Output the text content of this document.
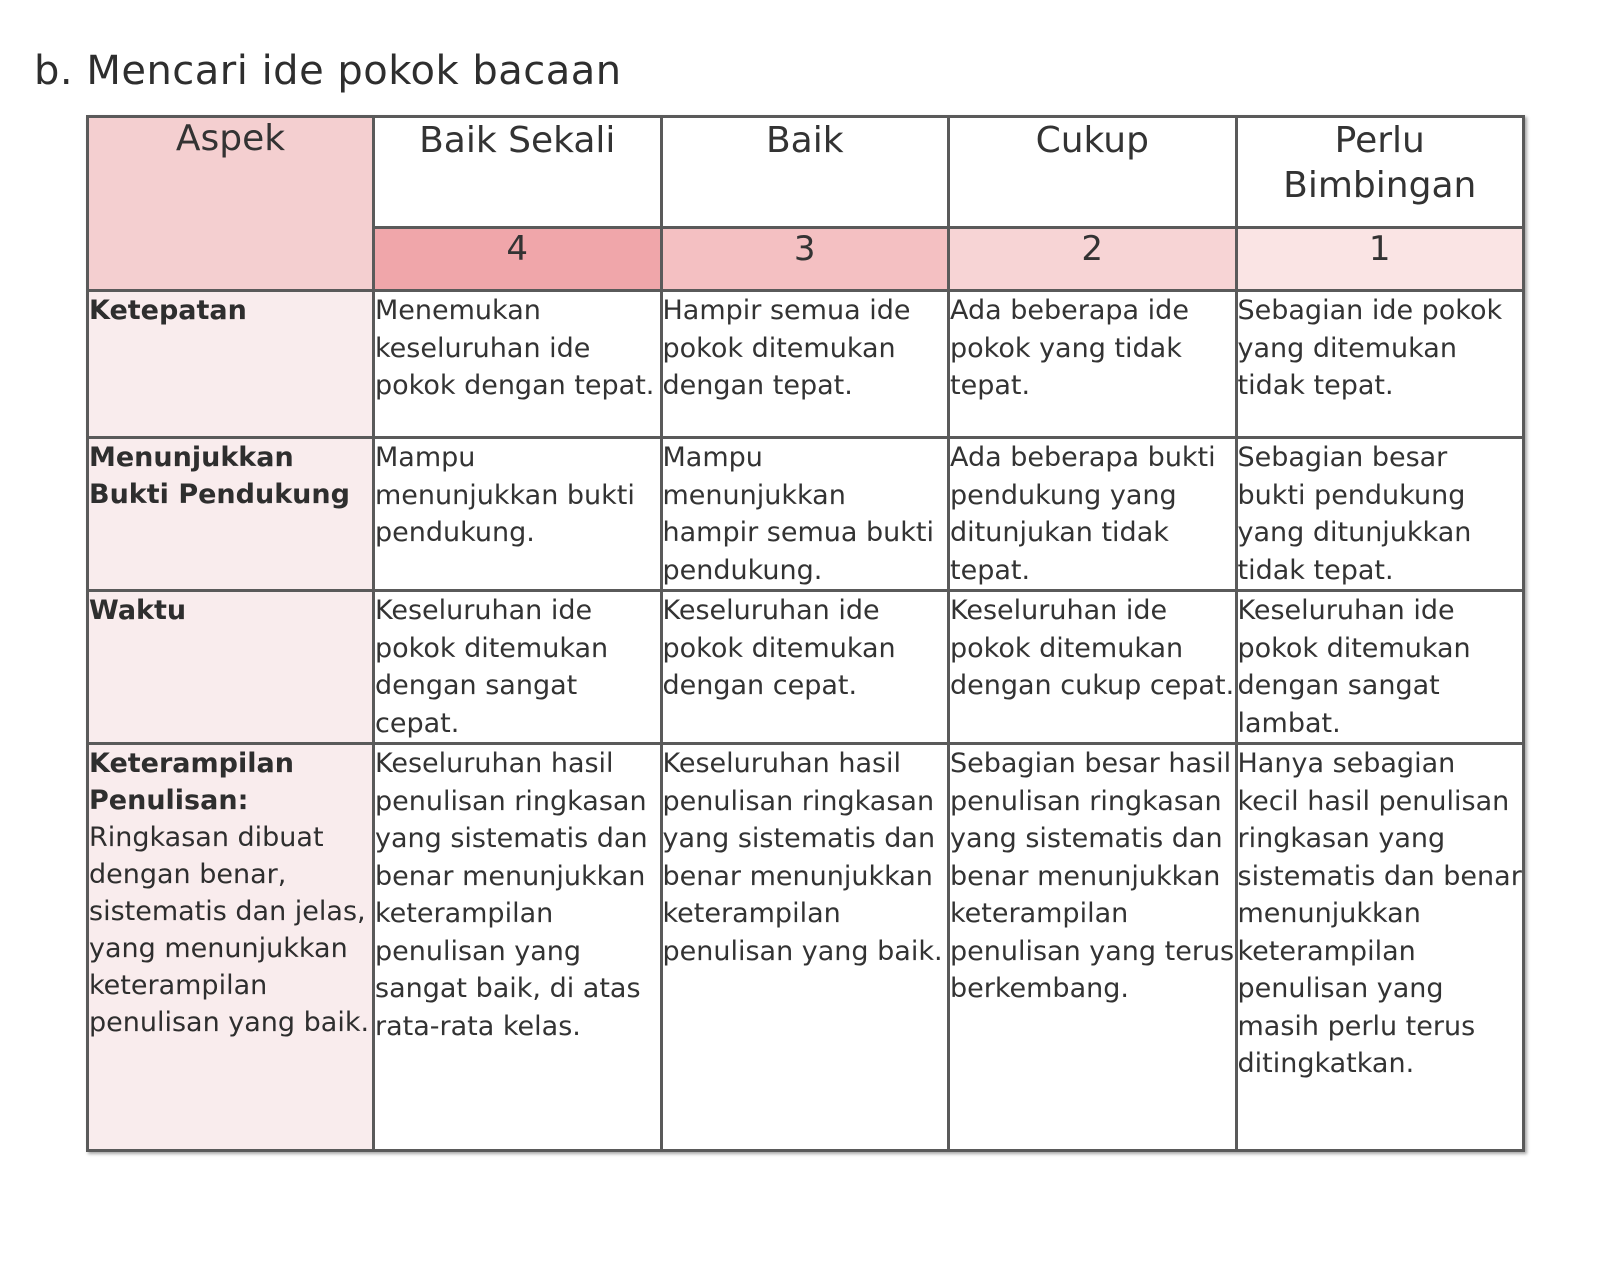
b. Mencari ide pokok bacaan
Aspek	Baik Sekali	Baik	Cukup	Perlu Bimbingan
	4	3	2	1

Ketepatan	Menemukan keseluruhan ide pokok dengan tepat.	Hampir semua ide pokok ditemukan dengan tepat.	Ada beberapa ide pokok yang tidak tepat.	Sebagian ide pokok yang ditemukan tidak tepat.

Menunjukkan Bukti Pendukung	Mampu menunjukkan bukti pendukung.	Mampu menunjukkan hampir semua bukti pendukung.	Ada beberapa bukti pendukung yang ditunjukan tidak tepat.	Sebagian besar bukti pendukung yang ditunjukkan tidak tepat.

Waktu	Keseluruhan ide pokok ditemukan dengan sangat cepat.	Keseluruhan ide pokok ditemukan dengan cepat.	Keseluruhan ide pokok ditemukan dengan cukup cepat.	Keseluruhan ide pokok ditemukan dengan sangat lambat.

Keterampilan Penulisan:
Ringkasan dibuat dengan benar, sistematis dan jelas, yang menunjukkan keterampilan penulisan yang baik.	Keseluruhan hasil penulisan ringkasan yang sistematis dan benar menunjukkan keterampilan penulisan yang sangat baik, di atas rata-rata kelas.	Keseluruhan hasil penulisan ringkasan yang sistematis dan benar menunjukkan keterampilan penulisan yang baik.	Sebagian besar hasil penulisan ringkasan yang sistematis dan benar menunjukkan keterampilan penulisan yang terus berkembang.	Hanya sebagian kecil hasil penulisan ringkasan yang sistematis dan benar menunjukkan keterampilan penulisan yang masih perlu terus ditingkatkan.
